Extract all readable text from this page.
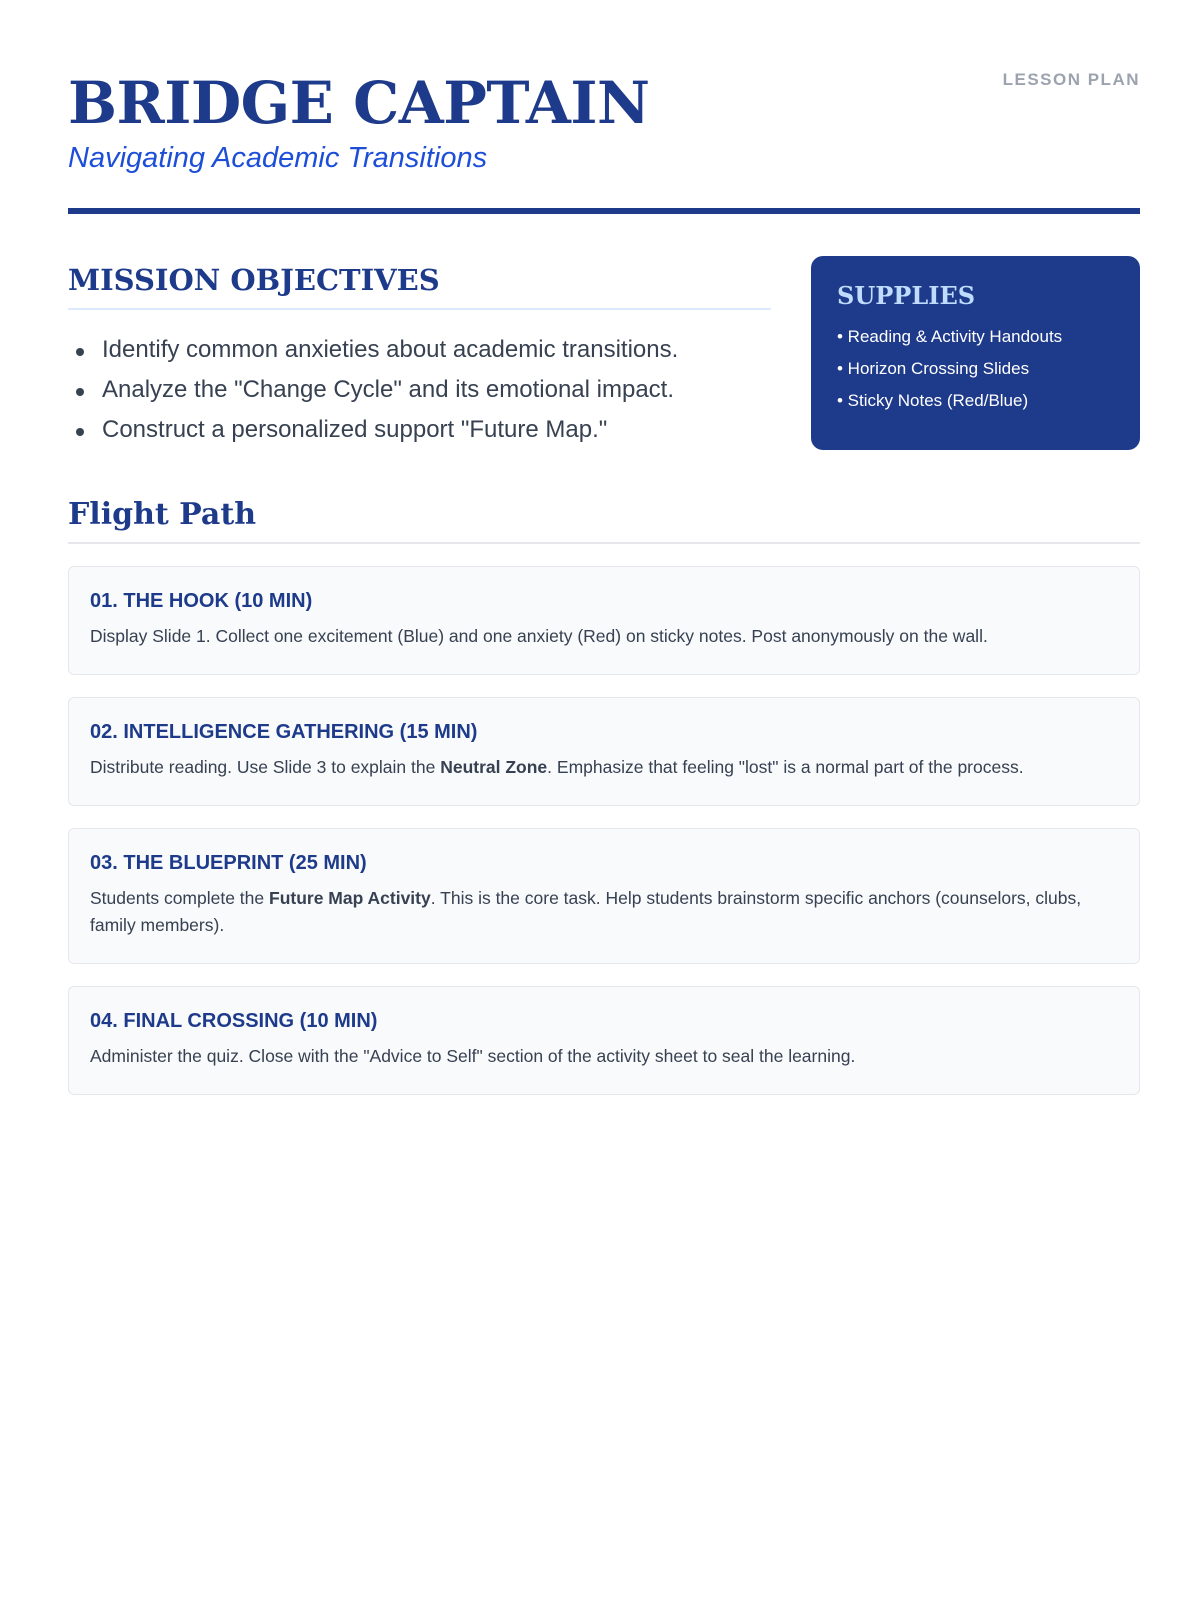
BRIDGE CAPTAIN
Navigating Academic Transitions
LESSON PLAN
MISSION OBJECTIVES
Identify common anxieties about academic transitions.
Analyze the "Change Cycle" and its emotional impact.
Construct a personalized support "Future Map."
SUPPLIES
• Reading & Activity Handouts
• Horizon Crossing Slides
• Sticky Notes (Red/Blue)
Flight Path
01. THE HOOK (10 MIN)

Display Slide 1. Collect one excitement (Blue) and one anxiety (Red) on sticky notes. Post anonymously on the wall.

02. INTELLIGENCE GATHERING (15 MIN)

Distribute reading. Use Slide 3 to explain the Neutral Zone. Emphasize that feeling "lost" is a normal part of the process.

03. THE BLUEPRINT (25 MIN)

Students complete the Future Map Activity. This is the core task. Help students brainstorm specific anchors (counselors, clubs, family members).

04. FINAL CROSSING (10 MIN)

Administer the quiz. Close with the "Advice to Self" section of the activity sheet to seal the learning.
